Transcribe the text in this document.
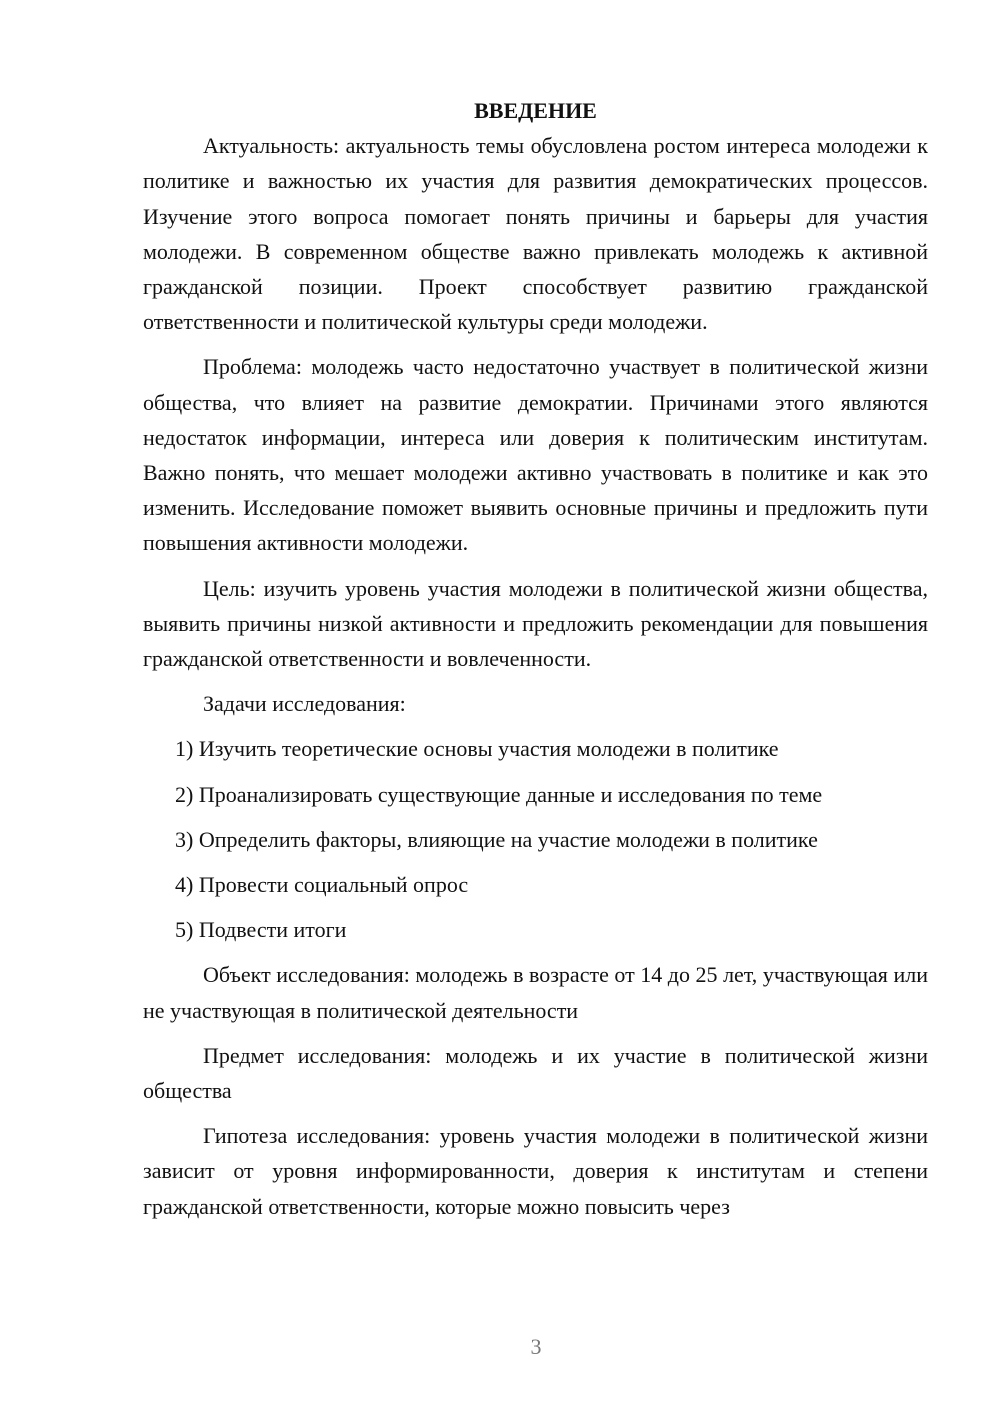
ВВЕДЕНИЕ

Актуальность: актуальность темы обусловлена ростом интереса молодежи к политике и важностью их участия для развития демократических процессов. Изучение этого вопроса помогает понять причины и барьеры для участия молодежи. В современном обществе важно привлекать молодежь к активной гражданской позиции. Проект способствует развитию гражданской ответственности и политической культуры среди молодежи.

Проблема: молодежь часто недостаточно участвует в политической жизни общества, что влияет на развитие демократии. Причинами этого являются недостаток информации, интереса или доверия к политическим институтам. Важно понять, что мешает молодежи активно участвовать в политике и как это изменить. Исследование поможет выявить основные причины и предложить пути повышения активности молодежи.

Цель: изучить уровень участия молодежи в политической жизни общества, выявить причины низкой активности и предложить рекомендации для повышения гражданской ответственности и вовлеченности.

Задачи исследования:

1) Изучить теоретические основы участия молодежи в политике
2) Проанализировать существующие данные и исследования по теме
3) Определить факторы, влияющие на участие молодежи в политике
4) Провести социальный опрос
5) Подвести итоги

Объект исследования: молодежь в возрасте от 14 до 25 лет, участвующая или не участвующая в политической деятельности

Предмет исследования: молодежь и их участие в политической жизни общества

Гипотеза исследования: уровень участия молодежи в политической жизни зависит от уровня информированности, доверия к институтам и степени гражданской ответственности, которые можно повысить через

3
